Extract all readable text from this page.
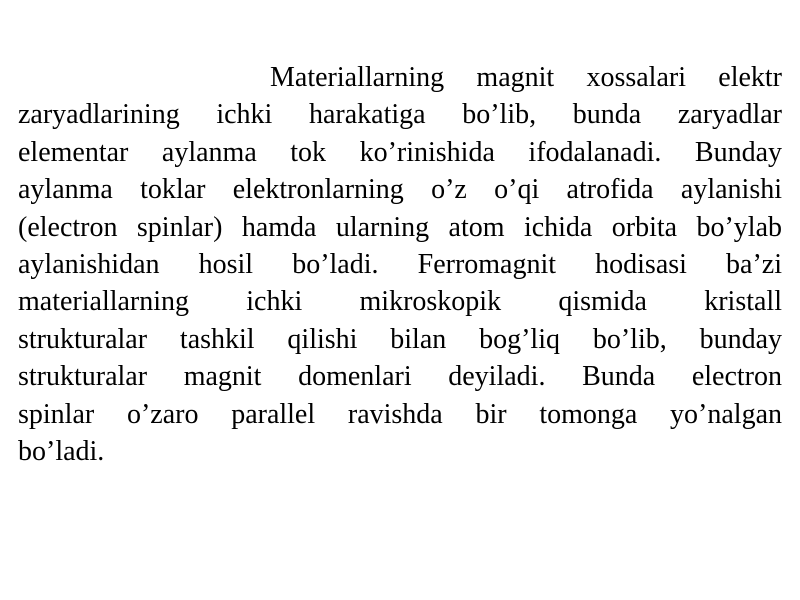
Materiallarning magnit xossalari elektr
zaryadlarining ichki harakatiga bo’lib, bunda zaryadlar
elementar aylanma tok ko’rinishida ifodalanadi. Bunday
aylanma toklar elektronlarning o’z o’qi atrofida aylanishi
(electron spinlar) hamda ularning atom ichida orbita bo’ylab
aylanishidan hosil bo’ladi. Ferromagnit hodisasi ba’zi
materiallarning ichki mikroskopik qismida kristall
strukturalar tashkil qilishi bilan bog’liq bo’lib, bunday
strukturalar magnit domenlari deyiladi. Bunda electron
spinlar o’zaro parallel ravishda bir tomonga yo’nalgan
bo’ladi.
